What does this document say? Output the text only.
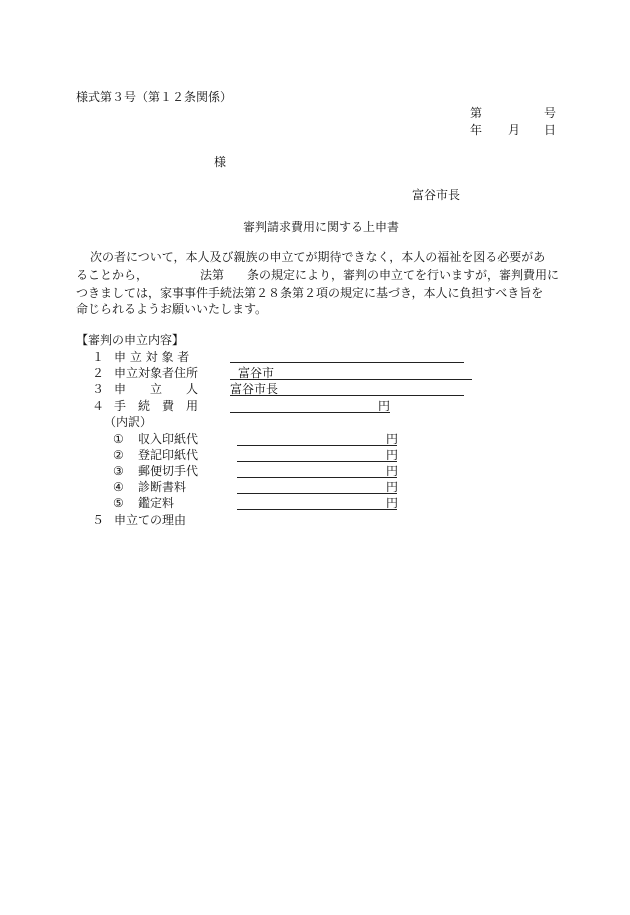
様式第３号（第１２条関係）
第	号
年 月 日
様
富谷市長
審判請求費用に関する上申書
次の者について，本人及び親族の申立てが期待できなく，本人の福祉を図る必要があ
ることから，	法第 条の規定により，審判の申立てを行いますが，審判費用に
つきましては，家事事件手続法第２８条第２項の規定に基づき，本人に負担すべき旨を
命じられるようお願いいたします。
【審判の申立内容】
１ 申 立 対 象 者
２ 申立対象者住所	富谷市
３ 申　　立　　人	富谷市長
４ 手　続　費　用	円
（内訳）
① 収入印紙代	円
② 登記印紙代	円
③ 郵便切手代	円
④ 診断書料	円
⑤ 鑑定料	円
５ 申立ての理由
